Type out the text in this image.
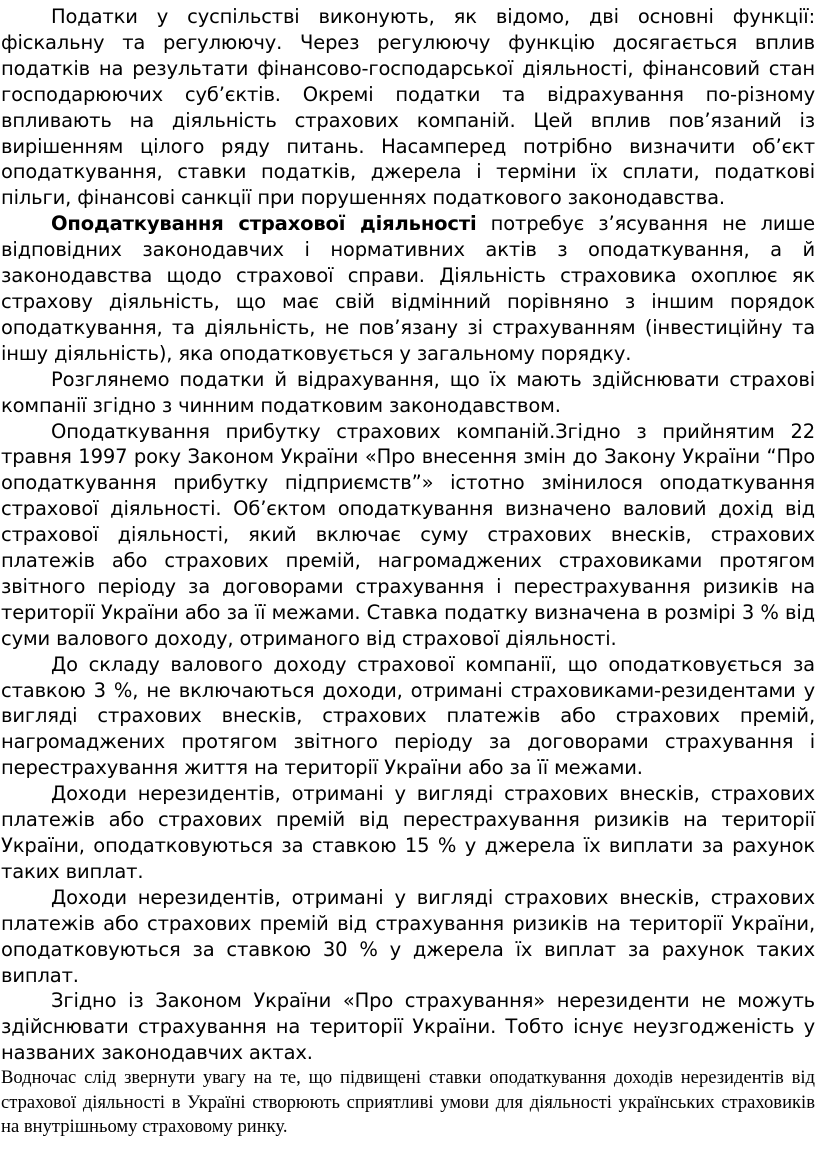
Податки у суспільстві виконують, як відомо, дві основні функції: фіскальну та регулюючу. Через регулюючу функцію досягається вплив податків на результати фінансово-господарської діяльності, фінансовий стан господарюючих суб’єктів. Окремі податки та відрахування по-різному впливають на діяльність страхових компаній. Цей вплив пов’язаний із вирішенням цілого ряду питань. Насамперед потрібно визначити об’єкт оподаткування, ставки податків, джерела і терміни їх сплати, податкові пільги, фінансові санкції при порушеннях податкового законодавства.

Оподаткування страхової діяльності потребує з’ясування не лише відповідних законодавчих і нормативних актів з оподаткування, а й законодавства щодо страхової справи. Діяльність страховика охоплює як страхову діяльність, що має свій відмінний порівняно з іншим порядок оподаткування, та діяльність, не пов’язану зі страхуванням (інвестиційну та іншу діяльність), яка оподатковується у загальному порядку.

Розглянемо податки й відрахування, що їх мають здійснювати страхові компанії згідно з чинним податковим законодавством.

Оподаткування прибутку страхових компаній.Згідно з прийнятим 22 травня 1997 року Законом України «Про внесення змін до Закону України “Про оподаткування прибутку підприємств”» істотно змінилося оподаткування страхової діяльності. Об’єктом оподаткування визначено валовий дохід від страхової діяльності, який включає суму страхових внесків, страхових платежів або страхових премій, нагромаджених страховиками протягом звітного періоду за договорами страхування і перестрахування ризиків на території України або за її межами. Ставка податку визначена в розмірі 3 % від суми валового доходу, отриманого від страхової діяльності.

До складу валового доходу страхової компанії, що оподатковується за ставкою 3 %, не включаються доходи, отримані страховиками-резидентами у вигляді страхових внесків, страхових платежів або страхових премій, нагромаджених протягом звітного періоду за договорами страхування і перестрахування життя на території України або за її межами.

Доходи нерезидентів, отримані у вигляді страхових внесків, страхових платежів або страхових премій від перестрахування ризиків на території України, оподатковуються за ставкою 15 % у джерела їх виплати за рахунок таких виплат.

Доходи нерезидентів, отримані у вигляді страхових внесків, страхових платежів або страхових премій від страхування ризиків на території України, оподатковуються за ставкою 30 % у джерела їх виплат за рахунок таких виплат.

Згідно із Законом України «Про страхування» нерезиденти не можуть здійснювати страхування на території України. Тобто існує неузгодженість у названих законодавчих актах.

Водночас слід звернути увагу на те, що підвищені ставки оподаткування доходів нерезидентів від страхової діяльності в Україні створюють сприятливі умови для діяльності українських страховиків на внутрішньому страховому ринку.
